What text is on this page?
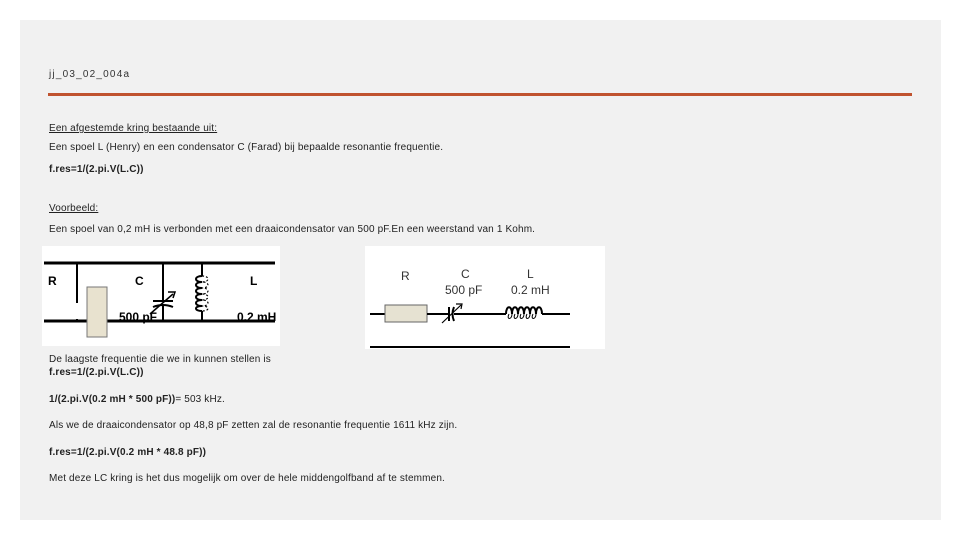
jj_03_02_004a
Een afgestemde kring bestaande uit:
Een spoel L (Henry) en een condensator C (Farad) bij bepaalde resonantie frequentie.
f.res=1/(2.pi.V(L.C))
Voorbeeld:
Een spoel van 0,2 mH is verbonden met een draaicondensator van 500 pF.En een weerstand van 1 Kohm.
R	C
500 pF
L
0.2 mH
R	C
500 pF
L
0.2 mH
De laagste frequentie die we in kunnen stellen is
f.res=1/(2.pi.V(L.C))
1/(2.pi.V(0.2 mH * 500 pF))= 503 kHz.
Als we de draaicondensator op 48,8 pF zetten zal de resonantie frequentie 1611 kHz zijn.
f.res=1/(2.pi.V(0.2 mH * 48.8 pF))
Met deze LC kring is het dus mogelijk om over de hele middengolfband af te stemmen.
